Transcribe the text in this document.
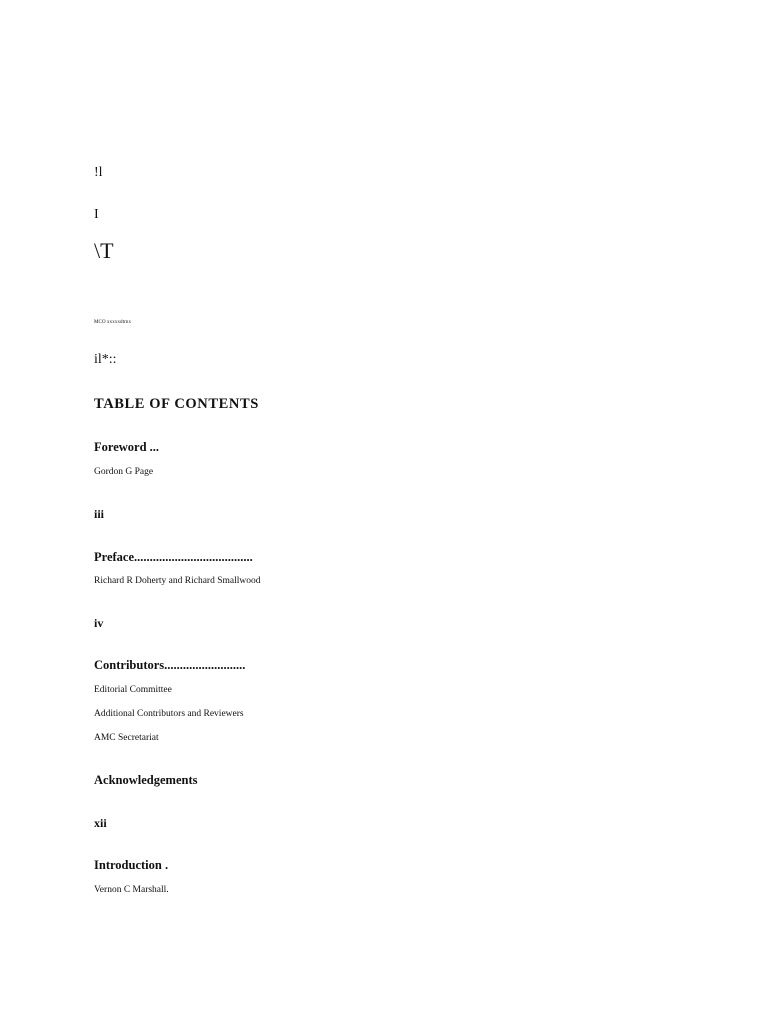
!l
I
\T
MCO xxxxxdtrnx
il*::
TABLE OF CONTENTS
Foreword ...
Gordon G Page
iii
Preface......................................
Richard R Doherty and Richard Smallwood
iv
Contributors..........................
Editorial Committee
Additional Contributors and Reviewers
AMC Secretariat
Acknowledgements
xii
Introduction .
Vernon C Marshall.
